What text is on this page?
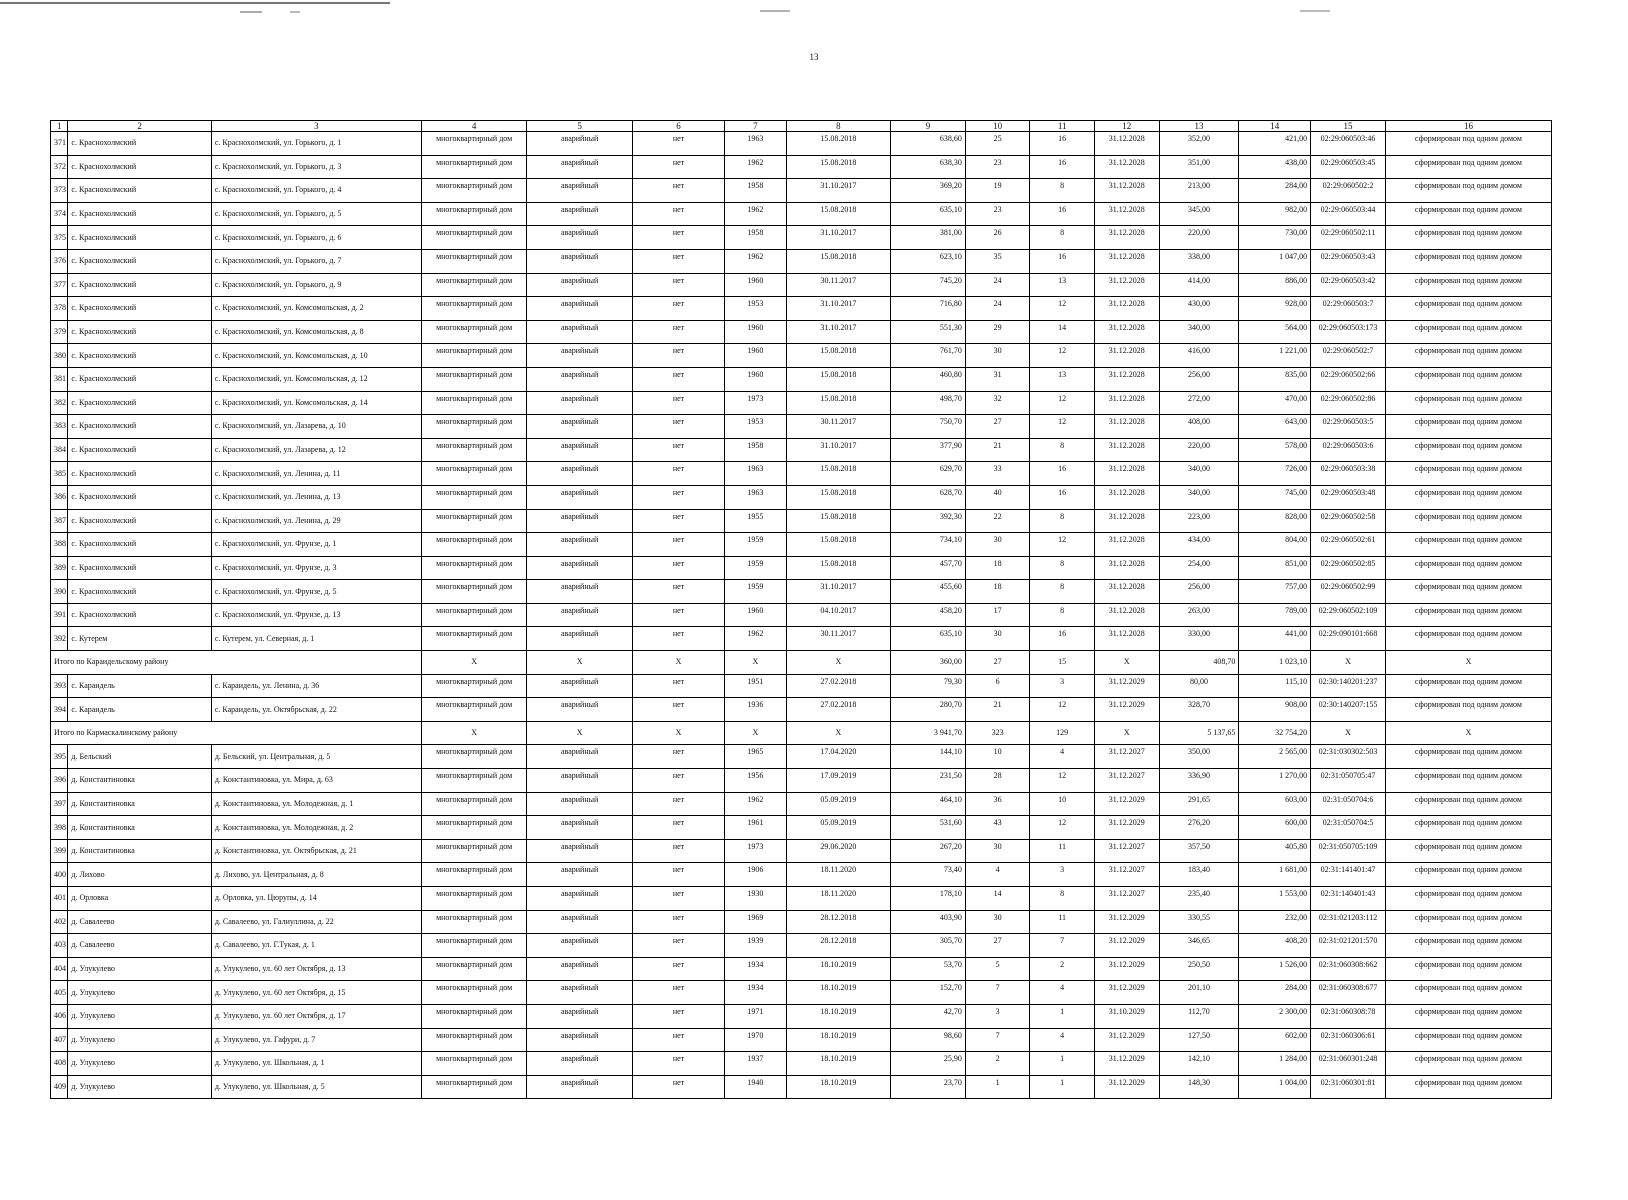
13
1	2	3	4	5	6	7	8	9	10	11	12	13	14	15	16
371	с. Краснохолмский	с. Краснохолмский, ул. Горького, д. 1	многоквартирный дом	аварийный	нет	1963	15.08.2018	638,60	25	16	31.12.2028	352,00	421,00	02:29:060503:46	сформирован под одним домом
372	с. Краснохолмский	с. Краснохолмский, ул. Горького, д. 3	многоквартирный дом	аварийный	нет	1962	15.08.2018	638,30	23	16	31.12.2028	351,00	438,00	02:29:060503:45	сформирован под одним домом
373	с. Краснохолмский	с. Краснохолмский, ул. Горького, д. 4	многоквартирный дом	аварийный	нет	1958	31.10.2017	369,20	19	8	31.12.2028	213,00	284,00	02:29:060502:2	сформирован под одним домом
374	с. Краснохолмский	с. Краснохолмский, ул. Горького, д. 5	многоквартирный дом	аварийный	нет	1962	15.08.2018	635,10	23	16	31.12.2028	345,00	982,00	02:29:060503:44	сформирован под одним домом
375	с. Краснохолмский	с. Краснохолмский, ул. Горького, д. 6	многоквартирный дом	аварийный	нет	1958	31.10.2017	381,00	26	8	31.12.2028	220,00	730,00	02:29:060502:11	сформирован под одним домом
376	с. Краснохолмский	с. Краснохолмский, ул. Горького, д. 7	многоквартирный дом	аварийный	нет	1962	15.08.2018	623,10	35	16	31.12.2028	338,00	1 047,00	02:29:060503:43	сформирован под одним домом
377	с. Краснохолмский	с. Краснохолмский, ул. Горького, д. 9	многоквартирный дом	аварийный	нет	1960	30.11.2017	745,20	24	13	31.12.2028	414,00	886,00	02:29:060503:42	сформирован под одним домом
378	с. Краснохолмский	с. Краснохолмский, ул. Комсомольская, д. 2	многоквартирный дом	аварийный	нет	1953	31.10.2017	716,80	24	12	31.12.2028	430,00	928,00	02:29:060503:7	сформирован под одним домом
379	с. Краснохолмский	с. Краснохолмский, ул. Комсомольская, д. 8	многоквартирный дом	аварийный	нет	1960	31.10.2017	551,30	29	14	31.12.2028	340,00	564,00	02:29:060503:173	сформирован под одним домом
380	с. Краснохолмский	с. Краснохолмский, ул. Комсомольская, д. 10	многоквартирный дом	аварийный	нет	1960	15.08.2018	761,70	30	12	31.12.2028	416,00	1 221,00	02:29:060502:7	сформирован под одним домом
381	с. Краснохолмский	с. Краснохолмский, ул. Комсомольская, д. 12	многоквартирный дом	аварийный	нет	1960	15.08.2018	460,80	31	13	31.12.2028	256,00	835,00	02:29:060502:66	сформирован под одним домом
382	с. Краснохолмский	с. Краснохолмский, ул. Комсомольская, д. 14	многоквартирный дом	аварийный	нет	1973	15.08.2018	498,70	32	12	31.12.2028	272,00	470,00	02:29:060502:86	сформирован под одним домом
383	с. Краснохолмский	с. Краснохолмский, ул. Лазарева, д. 10	многоквартирный дом	аварийный	нет	1953	30.11.2017	750,70	27	12	31.12.2028	408,00	643,00	02:29:060503:5	сформирован под одним домом
384	с. Краснохолмский	с. Краснохолмский, ул. Лазарева, д. 12	многоквартирный дом	аварийный	нет	1958	31.10.2017	377,90	21	8	31.12.2028	220,00	578,00	02:29:060503:6	сформирован под одним домом
385	с. Краснохолмский	с. Краснохолмский, ул. Ленина, д. 11	многоквартирный дом	аварийный	нет	1963	15.08.2018	629,70	33	16	31.12.2028	340,00	726,00	02:29:060503:38	сформирован под одним домом
386	с. Краснохолмский	с. Краснохолмский, ул. Ленина, д. 13	многоквартирный дом	аварийный	нет	1963	15.08.2018	628,70	40	16	31.12.2028	340,00	745,00	02:29:060503:48	сформирован под одним домом
387	с. Краснохолмский	с. Краснохолмский, ул. Ленина, д. 29	многоквартирный дом	аварийный	нет	1955	15.08.2018	392,30	22	8	31.12.2028	223,00	828,00	02:29:060502:58	сформирован под одним домом
388	с. Краснохолмский	с. Краснохолмский, ул. Фрунзе, д. 1	многоквартирный дом	аварийный	нет	1959	15.08.2018	734,10	30	12	31.12.2028	434,00	804,00	02:29:060502:61	сформирован под одним домом
389	с. Краснохолмский	с. Краснохолмский, ул. Фрунзе, д. 3	многоквартирный дом	аварийный	нет	1959	15.08.2018	457,70	18	8	31.12.2028	254,00	851,00	02:29:060502:85	сформирован под одним домом
390	с. Краснохолмский	с. Краснохолмский, ул. Фрунзе, д. 5	многоквартирный дом	аварийный	нет	1959	31.10.2017	455,60	18	8	31.12.2028	256,00	757,00	02:29:060502:99	сформирован под одним домом
391	с. Краснохолмский	с. Краснохолмский, ул. Фрунзе, д. 13	многоквартирный дом	аварийный	нет	1960	04.10.2017	458,20	17	8	31.12.2028	263,00	789,00	02:29:060502:109	сформирован под одним домом
392	с. Кутерем	с. Кутерем, ул. Северная, д. 1	многоквартирный дом	аварийный	нет	1962	30.11.2017	635,10	30	16	31.12.2028	330,00	441,00	02:29:090101:668	сформирован под одним домом
Итого по Караидельскому району			X	X	X	X	X	360,00	27	15	X	408,70	1 023,10	X	X
393	с. Караидель	с. Караидель, ул. Ленина, д. 36	многоквартирный дом	аварийный	нет	1951	27.02.2018	79,30	6	3	31.12.2029	80,00	115,10	02:30:140201:237	сформирован под одним домом
394	с. Караидель	с. Караидель, ул. Октябрьская, д. 22	многоквартирный дом	аварийный	нет	1936	27.02.2018	280,70	21	12	31.12.2029	328,70	908,00	02:30:140207:155	сформирован под одним домом
Итого по Кармаскалинскому району			X	X	X	X	X	3 941,70	323	129	X	5 137,65	32 754,20	X	X
395	д. Бельский	д. Бельский, ул. Центральная, д. 5	многоквартирный дом	аварийный	нет	1965	17.04.2020	144,10	10	4	31.12.2027	350,00	2 565,00	02:31:030302:503	сформирован под одним домом
396	д. Константиновка	д. Константиновка, ул. Мира, д. 63	многоквартирный дом	аварийный	нет	1956	17.09.2019	231,50	28	12	31.12.2027	336,90	1 270,00	02:31:050705:47	сформирован под одним домом
397	д. Константиновка	д. Константиновка, ул. Молодежная, д. 1	многоквартирный дом	аварийный	нет	1962	05.09.2019	464,10	36	10	31.12.2029	291,65	603,00	02:31:050704:6	сформирован под одним домом
398	д. Константиновка	д. Константиновка, ул. Молодежная, д. 2	многоквартирный дом	аварийный	нет	1961	05.09.2019	531,60	43	12	31.12.2029	276,20	600,00	02:31:050704:5	сформирован под одним домом
399	д. Константиновка	д. Константиновка, ул. Октябрьская, д. 21	многоквартирный дом	аварийный	нет	1973	29.06.2020	267,20	30	11	31.12.2027	357,50	405,80	02:31:050705:109	сформирован под одним домом
400	д. Лихово	д. Лихово, ул. Центральная, д. 8	многоквартирный дом	аварийный	нет	1906	18.11.2020	73,40	4	3	31.12.2027	183,40	1 681,00	02:31:141401:47	сформирован под одним домом
401	д. Орловка	д. Орловка, ул. Цюрупы, д. 14	многоквартирный дом	аварийный	нет	1930	18.11.2020	178,10	14	8	31.12.2027	235,40	1 553,00	02:31:140401:43	сформирован под одним домом
402	д. Савалеево	д. Савалеево, ул. Галиуллина, д. 22	многоквартирный дом	аварийный	нет	1969	28.12.2018	403,90	30	11	31.12.2029	330,55	232,00	02:31:021203:112	сформирован под одним домом
403	д. Савалеево	д. Савалеево, ул. Г.Тукая, д. 1	многоквартирный дом	аварийный	нет	1939	28.12.2018	305,70	27	7	31.12.2029	346,65	408,20	02:31:021201:570	сформирован под одним домом
404	д. Улукулево	д. Улукулево, ул. 60 лет Октября, д. 13	многоквартирный дом	аварийный	нет	1934	18.10.2019	53,70	5	2	31.12.2029	250,50	1 526,00	02:31:060308:662	сформирован под одним домом
405	д. Улукулево	д. Улукулево, ул. 60 лет Октября, д. 15	многоквартирный дом	аварийный	нет	1934	18.10.2019	152,70	7	4	31.12.2029	201,10	284,00	02:31:060308:677	сформирован под одним домом
406	д. Улукулево	д. Улукулево, ул. 60 лет Октября, д. 17	многоквартирный дом	аварийный	нет	1971	18.10.2019	42,70	3	1	31.10.2029	112,70	2 300,00	02:31:060308:78	сформирован под одним домом
407	д. Улукулево	д. Улукулево, ул. Гафури, д. 7	многоквартирный дом	аварийный	нет	1970	18.10.2019	98,60	7	4	31.12.2029	127,50	602,00	02:31:060306:61	сформирован под одним домом
408	д. Улукулево	д. Улукулево, ул. Школьная, д. 1	многоквартирный дом	аварийный	нет	1937	18.10.2019	25,90	2	1	31.12.2029	142,10	1 284,00	02:31:060301:248	сформирован под одним домом
409	д. Улукулево	д. Улукулево, ул. Школьная, д. 5	многоквартирный дом	аварийный	нет	1940	18.10.2019	23,70	1	1	31.12.2029	148,30	1 004,00	02:31:060301:81	сформирован под одним домом
